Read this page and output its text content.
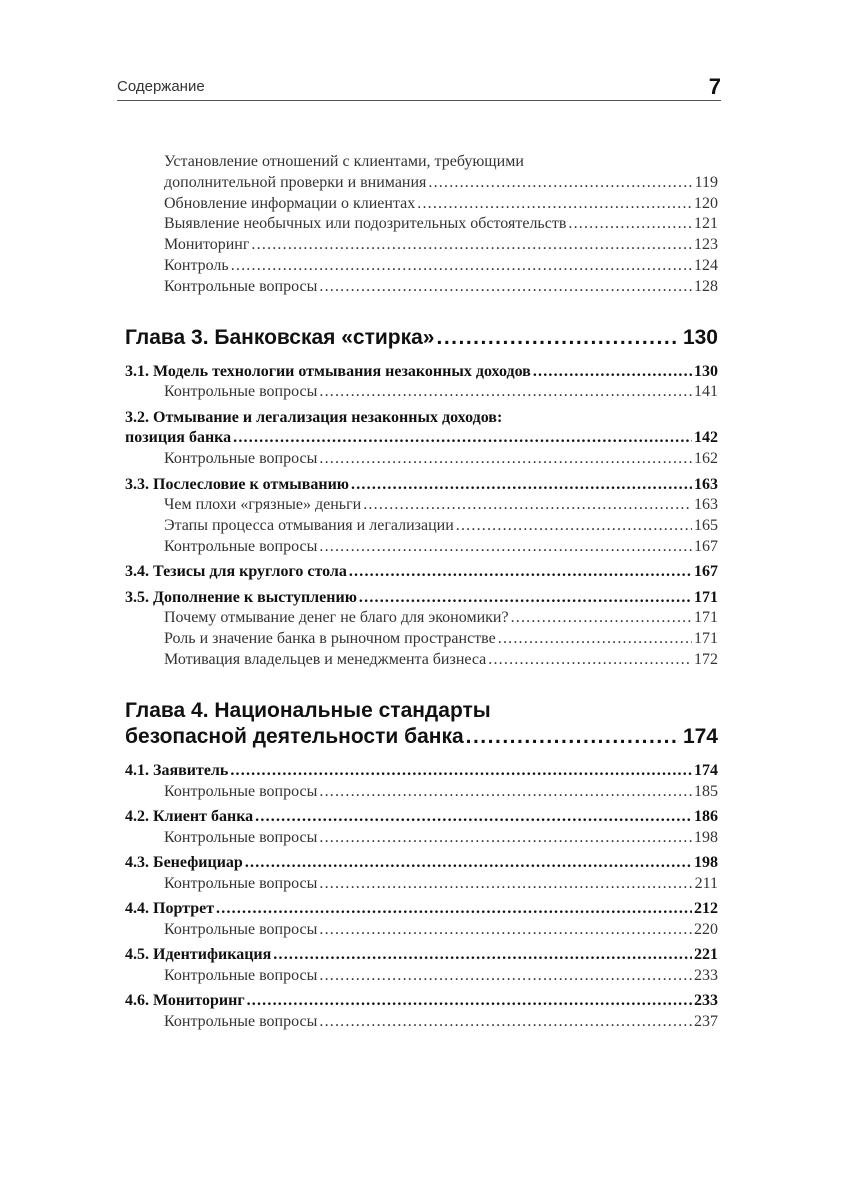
Содержание	7
Установление отношений с клиентами, требующими
дополнительной проверки и внимания .....	119
Обновление информации о клиентах .....	120
Выявление необычных или подозрительных обстоятельств .....	121
Мониторинг .....	123
Контроль .....	124
Контрольные вопросы .....	128
Глава 3. Банковская «стирка» .....	130
3.1. Модель технологии отмывания незаконных доходов .....	130
Контрольные вопросы .....	141
3.2. Отмывание и легализация незаконных доходов:
позиция банка .....	142
Контрольные вопросы .....	162
3.3. Послесловие к отмыванию .....	163
Чем плохи «грязные» деньги .....	163
Этапы процесса отмывания и легализации .....	165
Контрольные вопросы .....	167
3.4. Тезисы для круглого стола .....	167
3.5. Дополнение к выступлению .....	171
Почему отмывание денег не благо для экономики? .....	171
Роль и значение банка в рыночном пространстве .....	171
Мотивация владельцев и менеджмента бизнеса .....	172
Глава 4. Национальные стандарты
безопасной деятельности банка .....	174
4.1. Заявитель .....	174
Контрольные вопросы .....	185
4.2. Клиент банка .....	186
Контрольные вопросы .....	198
4.3. Бенефициар .....	198
Контрольные вопросы .....	211
4.4. Портрет .....	212
Контрольные вопросы .....	220
4.5. Идентификация .....	221
Контрольные вопросы .....	233
4.6. Мониторинг .....	233
Контрольные вопросы .....	237
